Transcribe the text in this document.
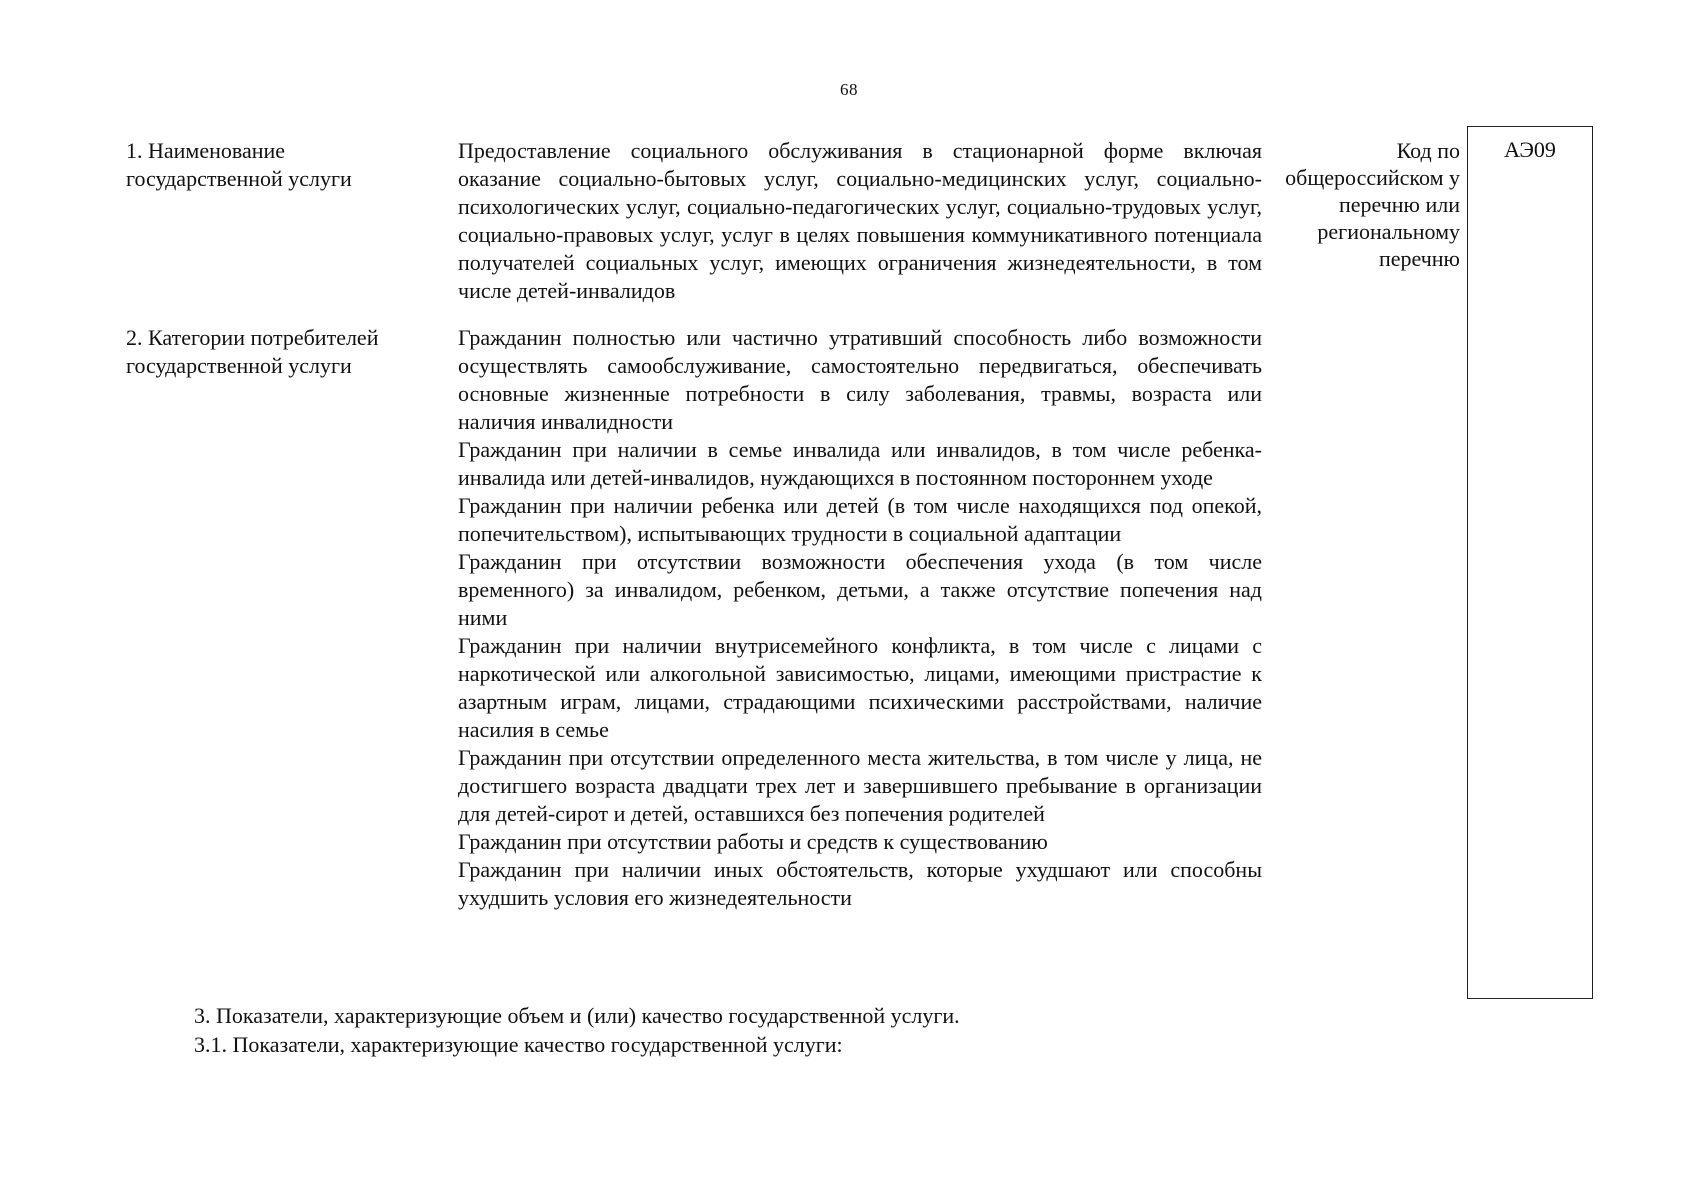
68
1. Наименование государственной услуги
Предоставление социального обслуживания в стационарной форме включая оказание социально-бытовых услуг, социально-медицинских услуг, социально-психологических услуг, социально-педагогических услуг, социально-трудовых услуг, социально-правовых услуг, услуг в целях повышения коммуникативного потенциала получателей социальных услуг, имеющих ограничения жизнедеятельности, в том числе детей-инвалидов
Код по общероссийском у перечню или региональному перечню
АЭ09
2. Категории потребителей государственной услуги

Гражданин полностью или частично утративший способность либо возможности осуществлять самообслуживание, самостоятельно передвигаться, обеспечивать основные жизненные потребности в силу заболевания, травмы, возраста или наличия инвалидности

Гражданин при наличии в семье инвалида или инвалидов, в том числе ребенка-инвалида или детей-инвалидов, нуждающихся в постоянном постороннем уходе

Гражданин при наличии ребенка или детей (в том числе находящихся под опекой, попечительством), испытывающих трудности в социальной адаптации

Гражданин при отсутствии возможности обеспечения ухода (в том числе временного) за инвалидом, ребенком, детьми, а также отсутствие попечения над ними

Гражданин при наличии внутрисемейного конфликта, в том числе с лицами с наркотической или алкогольной зависимостью, лицами, имеющими пристрастие к азартным играм, лицами, страдающими психическими расстройствами, наличие насилия в семье

Гражданин при отсутствии определенного места жительства, в том числе у лица, не достигшего возраста двадцати трех лет и завершившего пребывание в организации для детей-сирот и детей, оставшихся без попечения родителей

Гражданин при отсутствии работы и средств к существованию

Гражданин при наличии иных обстоятельств, которые ухудшают или способны ухудшить условия его жизнедеятельности

3. Показатели, характеризующие объем и (или) качество государственной услуги.
3.1. Показатели, характеризующие качество государственной услуги:
